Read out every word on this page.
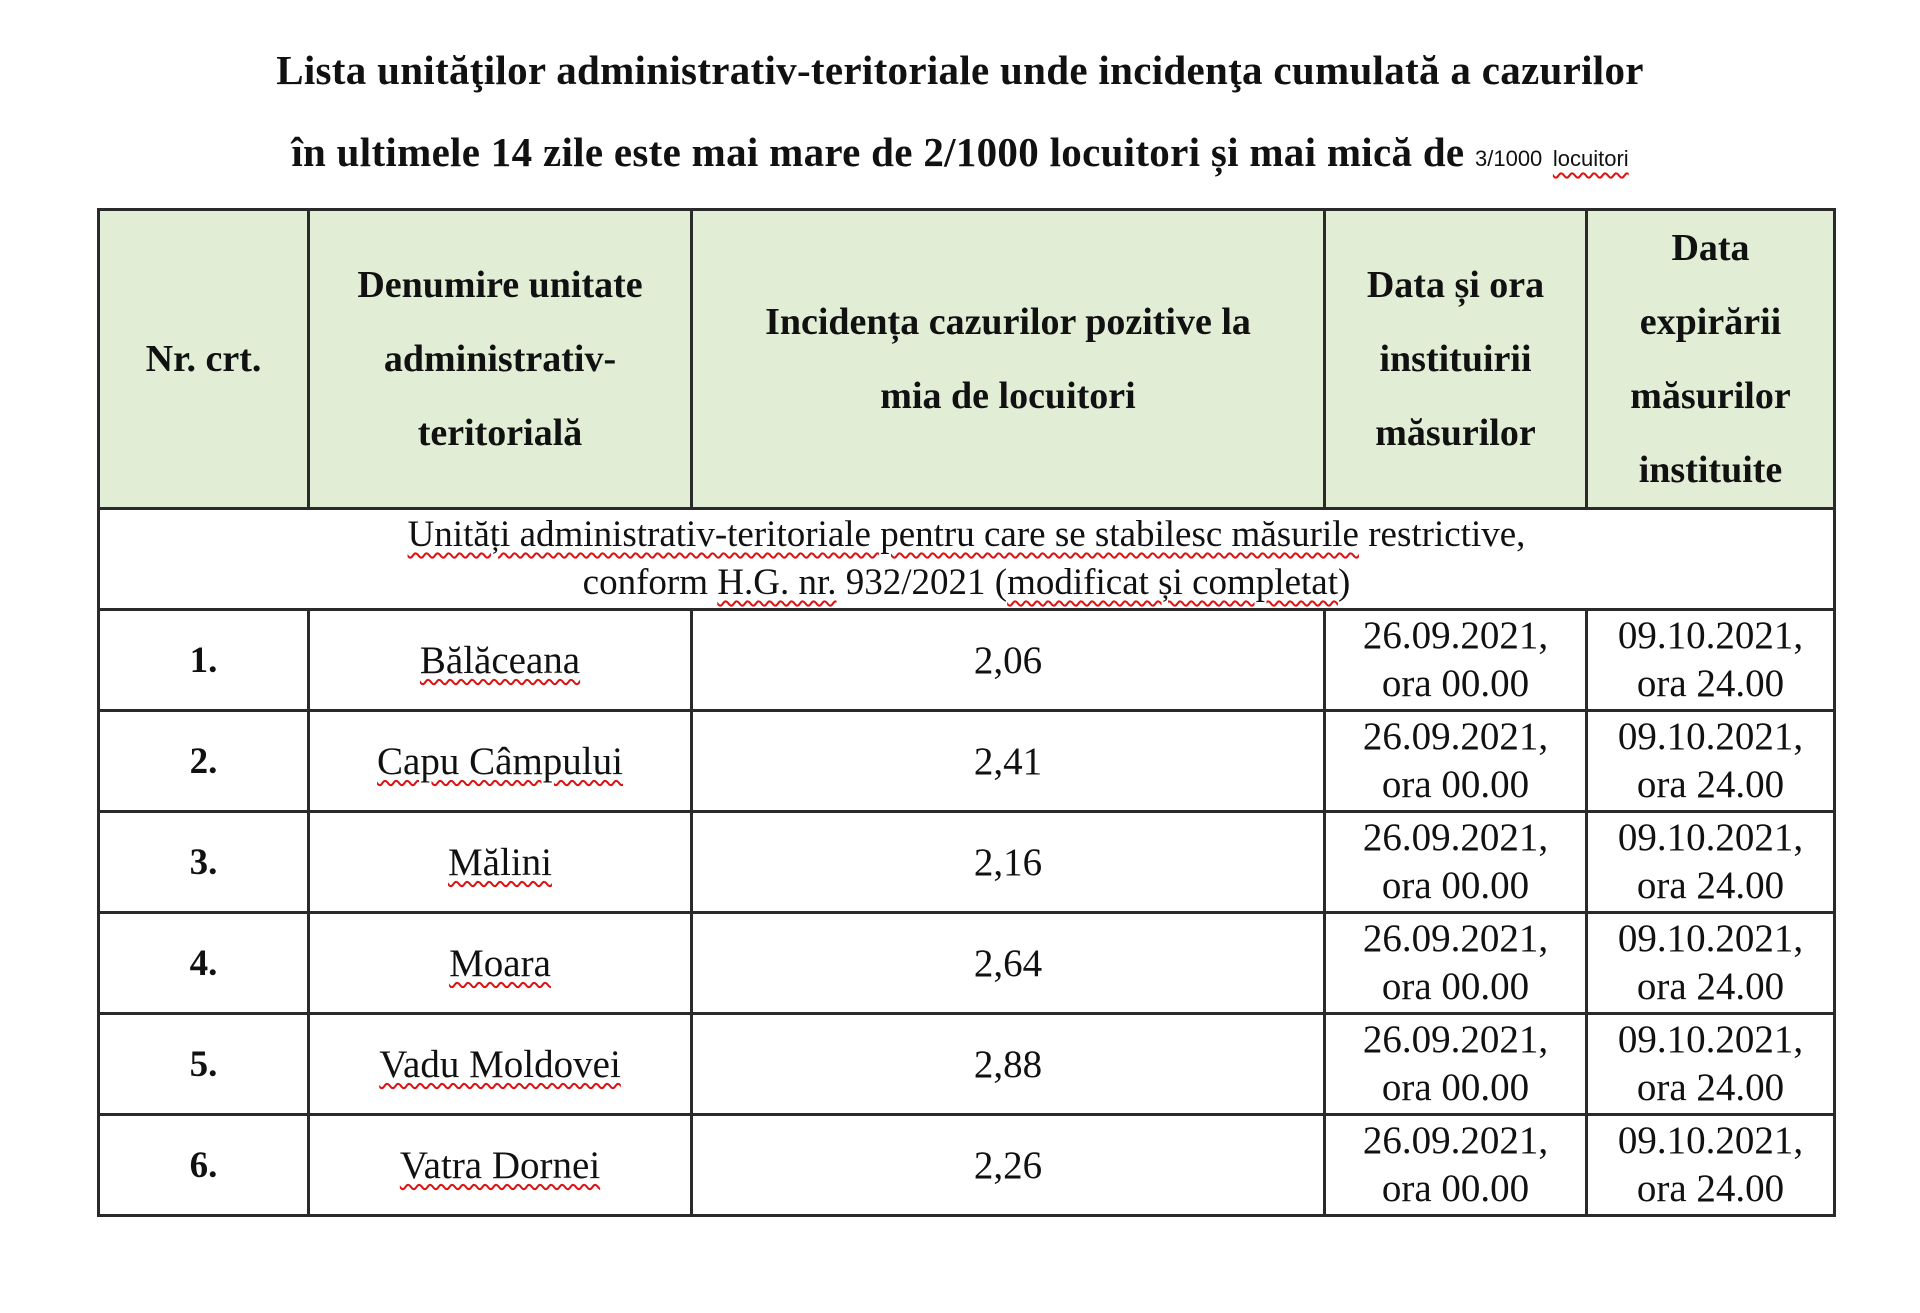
Lista unităţilor administrativ-teritoriale unde incidenţa cumulată a cazurilor
în ultimele 14 zile este mai mare de 2/1000 locuitori și mai mică de 3/1000 locuitori
Nr. crt.	Denumire unitate administrativ-teritorială	Incidența cazurilor pozitive la mia de locuitori	Data și ora instituirii măsurilor	Data expirării măsurilor instituite

Unități administrativ-teritoriale pentru care se stabilesc măsurile restrictive,
conform H.G. nr. 932/2021 (modificat și completat)				

1.	Bălăceana	2,06	26.09.2021,
ora 00.00	09.10.2021,
ora 24.00

2.	Capu Câmpului	2,41	26.09.2021,
ora 00.00	09.10.2021,
ora 24.00

3.	Mălini	2,16	26.09.2021,
ora 00.00	09.10.2021,
ora 24.00

4.	Moara	2,64	26.09.2021,
ora 00.00	09.10.2021,
ora 24.00

5.	Vadu Moldovei	2,88	26.09.2021,
ora 00.00	09.10.2021,
ora 24.00

6.	Vatra Dornei	2,26	26.09.2021,
ora 00.00	09.10.2021,
ora 24.00
